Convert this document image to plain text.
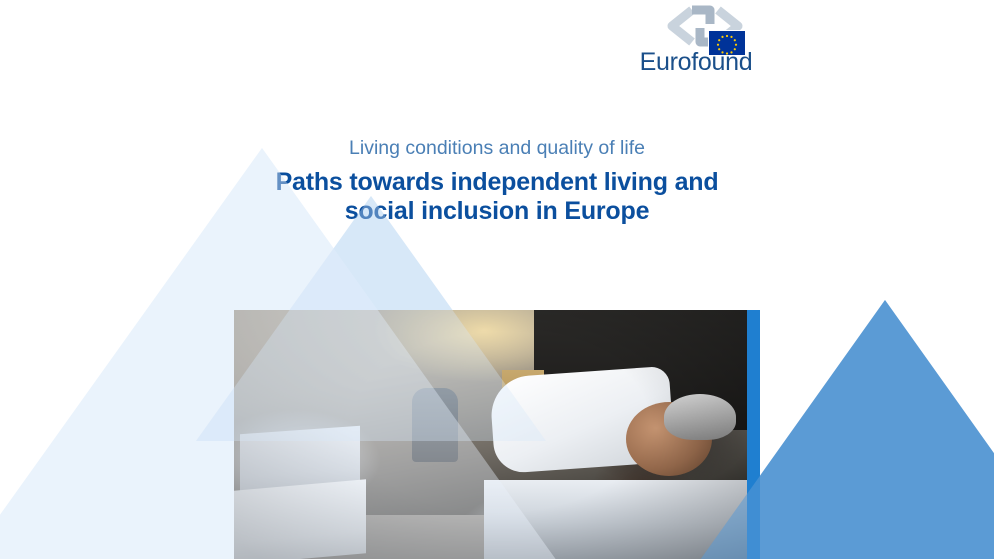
Eurofound
Living conditions and quality of life
Paths towards independent living and
social inclusion in Europe
